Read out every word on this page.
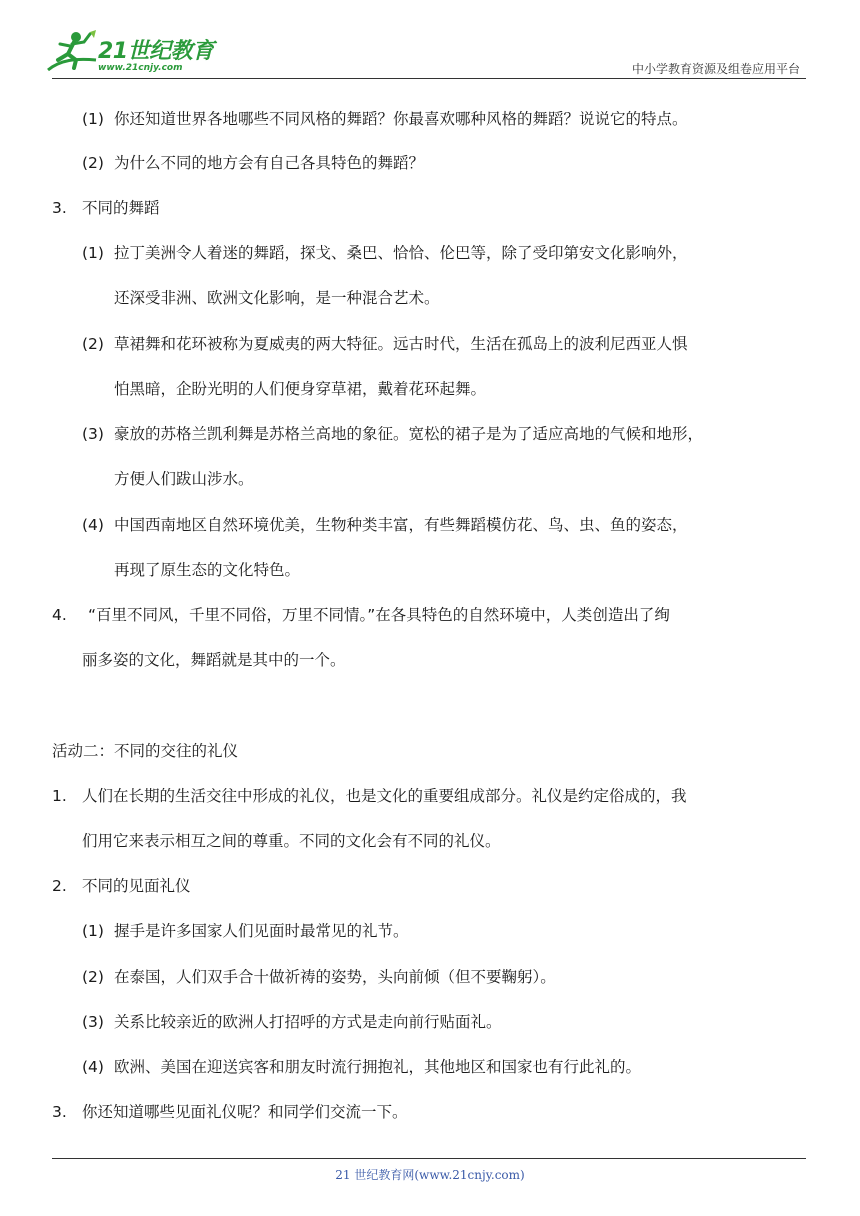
21世纪教育
www.21cnjy.com	中小学教育资源及组卷应用平台
(1) 你还知道世界各地哪些不同风格的舞蹈？你最喜欢哪种风格的舞蹈？说说它的特点。
(2) 为什么不同的地方会有自己各具特色的舞蹈？
3. 不同的舞蹈
(1) 拉丁美洲令人着迷的舞蹈，探戈、桑巴、恰恰、伦巴等，除了受印第安文化影响外，
还深受非洲、欧洲文化影响，是一种混合艺术。
(2) 草裙舞和花环被称为夏威夷的两大特征。远古时代，生活在孤岛上的波利尼西亚人惧
怕黑暗，企盼光明的人们便身穿草裙，戴着花环起舞。
(3) 豪放的苏格兰凯利舞是苏格兰高地的象征。宽松的裙子是为了适应高地的气候和地形，
方便人们跋山涉水。
(4) 中国西南地区自然环境优美，生物种类丰富，有些舞蹈模仿花、鸟、虫、鱼的姿态，
再现了原生态的文化特色。
4. “百里不同风，千里不同俗，万里不同情。”在各具特色的自然环境中，人类创造出了绚
丽多姿的文化，舞蹈就是其中的一个。
活动二：不同的交往的礼仪
1. 人们在长期的生活交往中形成的礼仪，也是文化的重要组成部分。礼仪是约定俗成的，我
们用它来表示相互之间的尊重。不同的文化会有不同的礼仪。
2. 不同的见面礼仪
(1) 握手是许多国家人们见面时最常见的礼节。
(2) 在泰国，人们双手合十做祈祷的姿势，头向前倾（但不要鞠躬）。
(3) 关系比较亲近的欧洲人打招呼的方式是走向前行贴面礼。
(4) 欧洲、美国在迎送宾客和朋友时流行拥抱礼，其他地区和国家也有行此礼的。
3. 你还知道哪些见面礼仪呢？和同学们交流一下。
21 世纪教育网(www.21cnjy.com)
